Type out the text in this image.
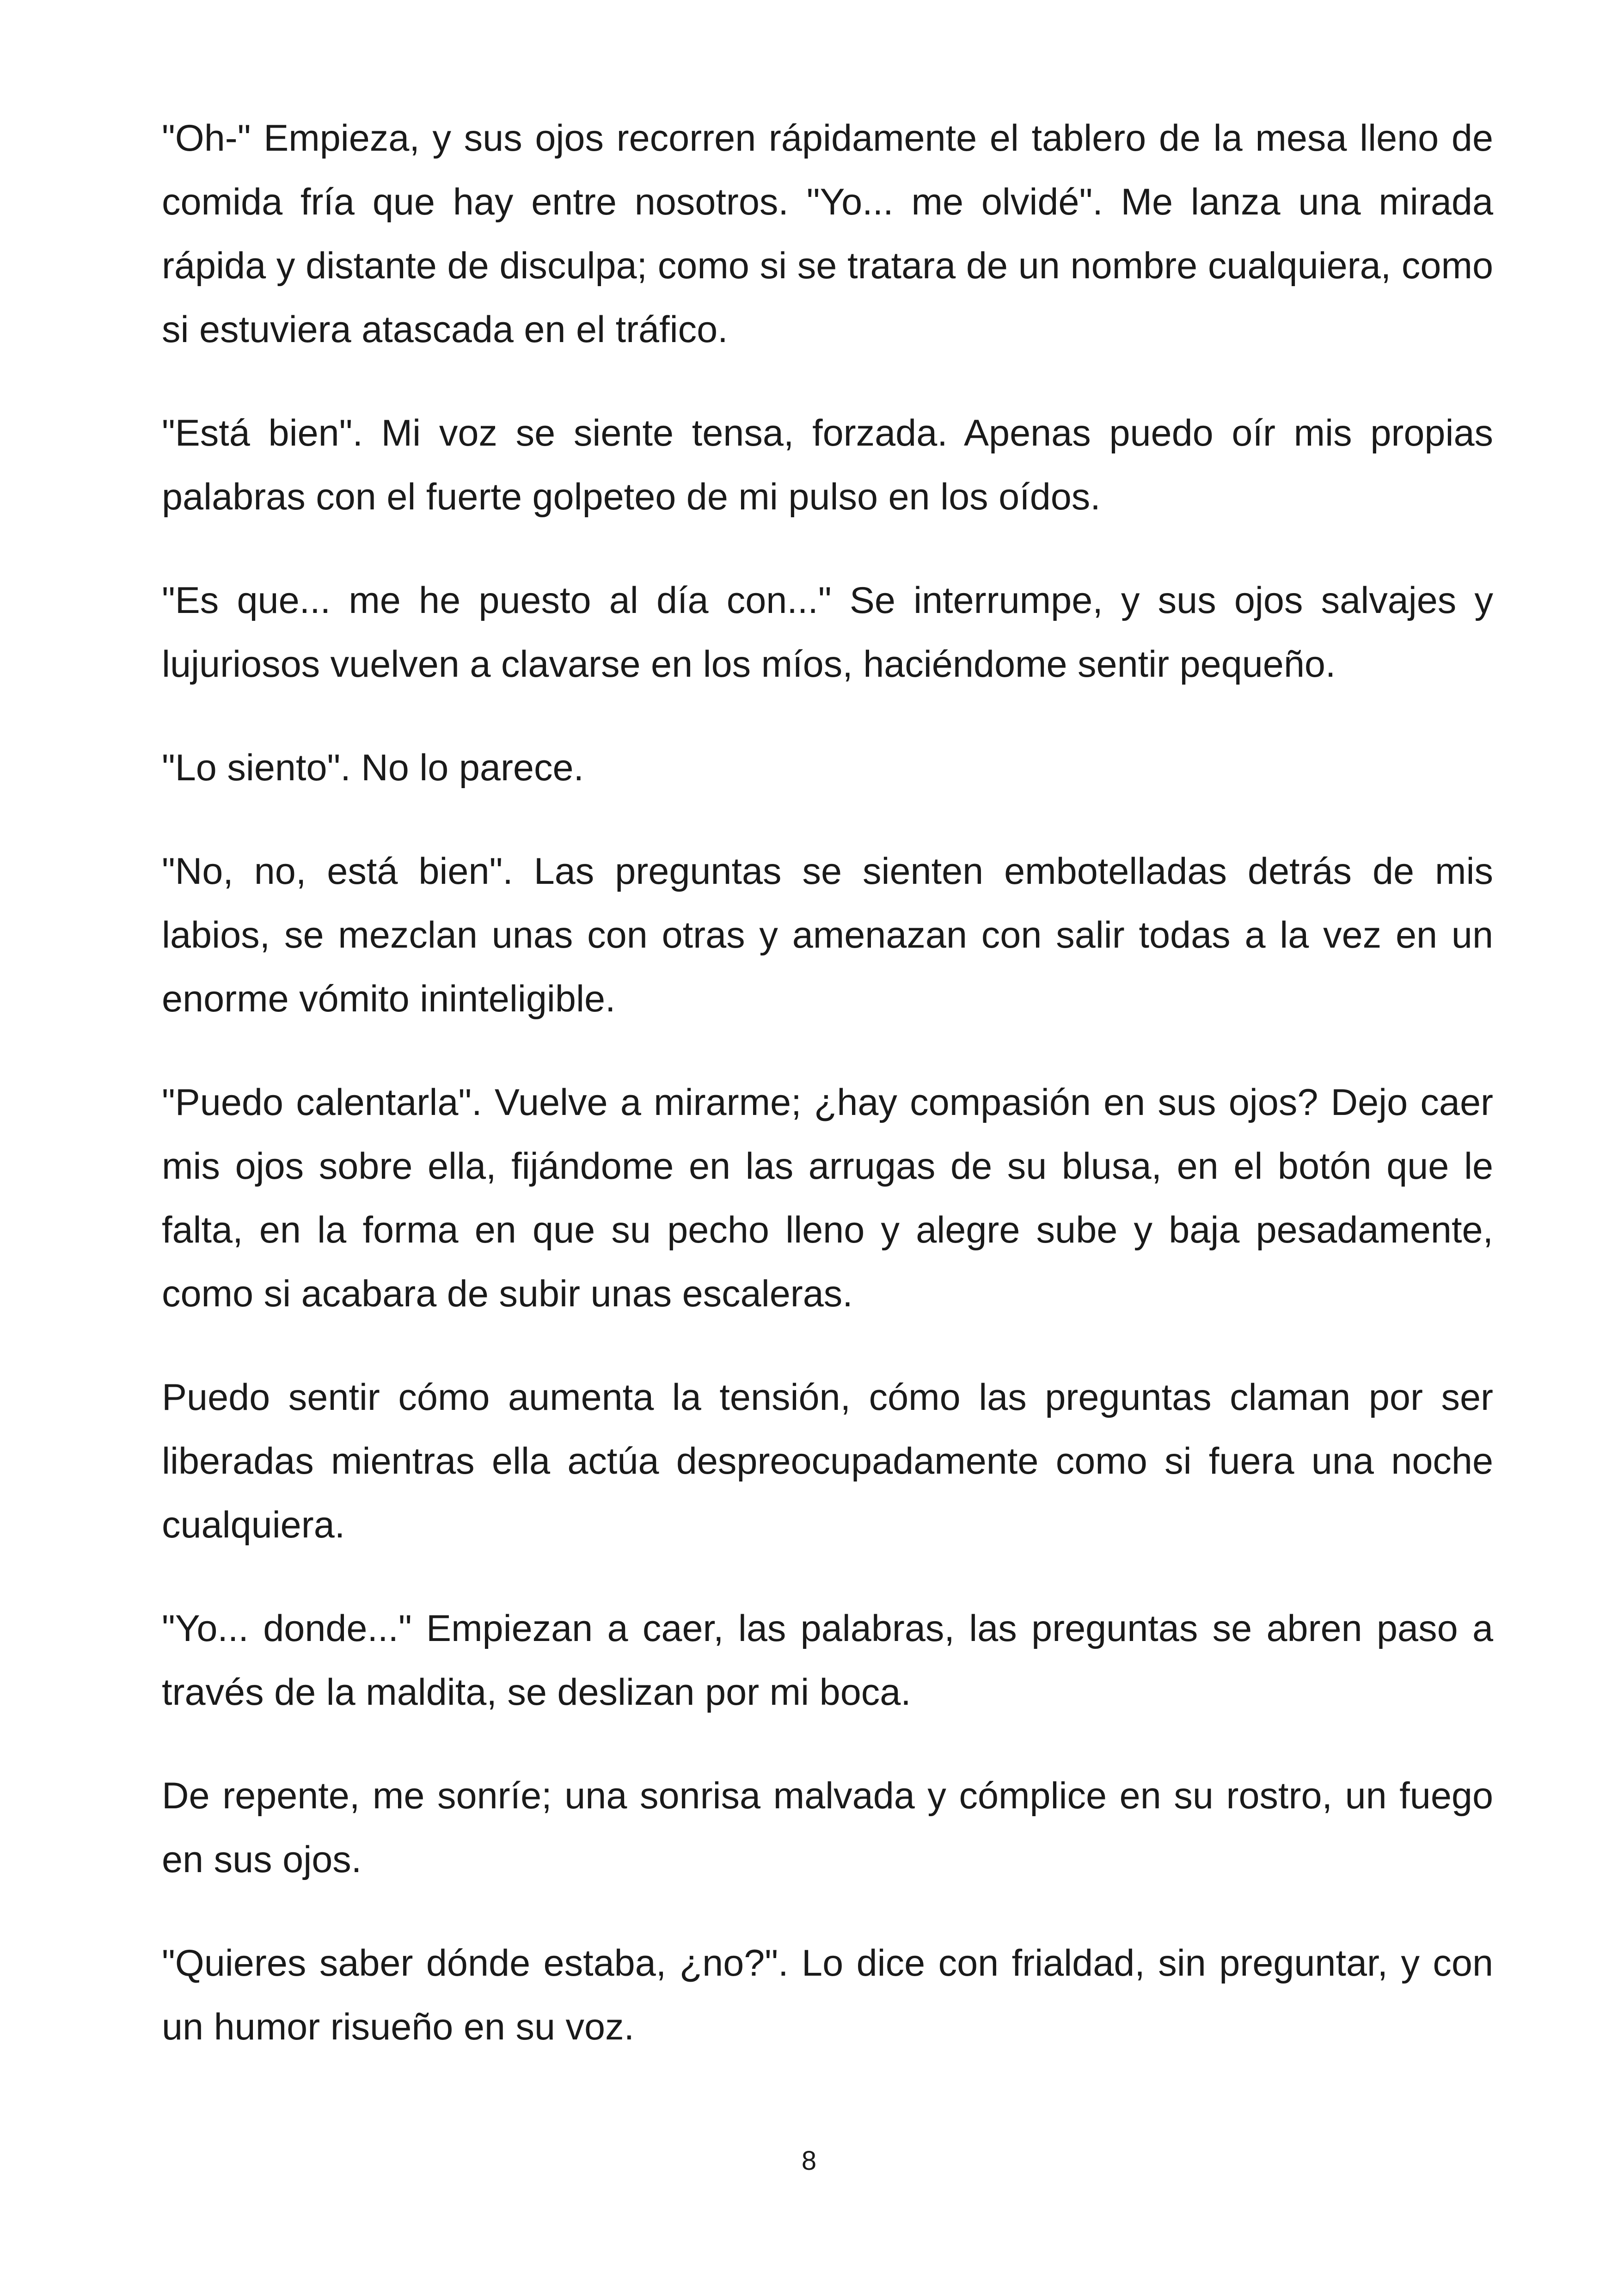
"Oh-" Empieza, y sus ojos recorren rápidamente el tablero de la mesa lleno de comida fría que hay entre nosotros. "Yo... me olvidé". Me lanza una mirada rápida y distante de disculpa; como si se tratara de un nombre cualquiera, como si estuviera atascada en el tráfico.

"Está bien". Mi voz se siente tensa, forzada. Apenas puedo oír mis propias palabras con el fuerte golpeteo de mi pulso en los oídos.

"Es que... me he puesto al día con..." Se interrumpe, y sus ojos salvajes y lujuriosos vuelven a clavarse en los míos, haciéndome sentir pequeño.

"Lo siento". No lo parece.

"No, no, está bien". Las preguntas se sienten embotelladas detrás de mis labios, se mezclan unas con otras y amenazan con salir todas a la vez en un enorme vómito ininteligible.

"Puedo calentarla". Vuelve a mirarme; ¿hay compasión en sus ojos? Dejo caer mis ojos sobre ella, fijándome en las arrugas de su blusa, en el botón que le falta, en la forma en que su pecho lleno y alegre sube y baja pesadamente, como si acabara de subir unas escaleras.

Puedo sentir cómo aumenta la tensión, cómo las preguntas claman por ser liberadas mientras ella actúa despreocupadamente como si fuera una noche cualquiera.

"Yo... donde..." Empiezan a caer, las palabras, las preguntas se abren paso a través de la maldita, se deslizan por mi boca.

De repente, me sonríe; una sonrisa malvada y cómplice en su rostro, un fuego en sus ojos.

"Quieres saber dónde estaba, ¿no?". Lo dice con frialdad, sin preguntar, y con un humor risueño en su voz.

8
